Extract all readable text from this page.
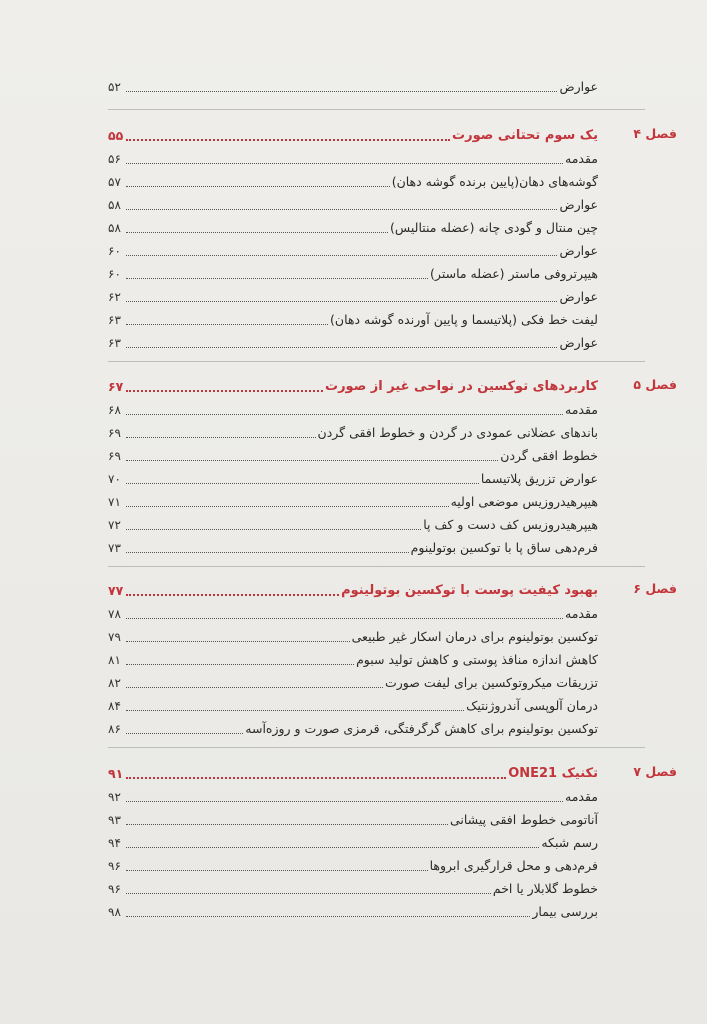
عوارض
۵۲
فصل ۴
یک سوم تحتانی صورت
۵۵
مقدمه
۵۶
گوشه‌های دهان(پایین برنده گوشه دهان)
۵۷
عوارض
۵۸
چین منتال و گودی چانه (عضله منتالیس)
۵۸
عوارض
۶۰
هیپرتروفی ماستر (عضله ماستر)
۶۰
عوارض
۶۲
لیفت خط فکی (پلاتیسما و پایین آورنده گوشه دهان)
۶۳
عوارض
۶۳
فصل ۵
کاربردهای توکسین در نواحی غیر از صورت
۶۷
مقدمه
۶۸
باندهای عضلانی عمودی در گردن و خطوط افقی گردن
۶۹
خطوط افقی گردن
۶۹
عوارض تزریق پلاتیسما
۷۰
هیپرهیدروزیس موضعی اولیه
۷۱
هیپرهیدروزیس کف دست و کف پا
۷۲
فرم‌دهی ساق پا با توکسین بوتولینوم
۷۳
فصل ۶
بهبود کیفیت پوست با توکسین بوتولینوم
۷۷
مقدمه
۷۸
توکسین بوتولینوم برای درمان اسکار غیر طبیعی
۷۹
کاهش اندازه منافذ پوستی و کاهش تولید سبوم
۸۱
تزریقات میکروتوکسین برای لیفت صورت
۸۲
درمان آلوپسی آندروژنتیک
۸۴
توکسین بوتولینوم برای کاهش گرگرفتگی، قرمزی صورت و روزه‌آسه
۸۶
فصل ۷
تکنیک ONE21
۹۱
مقدمه
۹۲
آناتومی خطوط افقی پیشانی
۹۳
رسم شبکه
۹۴
فرم‌دهی و محل قرارگیری ابروها
۹۶
خطوط گلابلار یا اخم
۹۶
بررسی بیمار
۹۸
